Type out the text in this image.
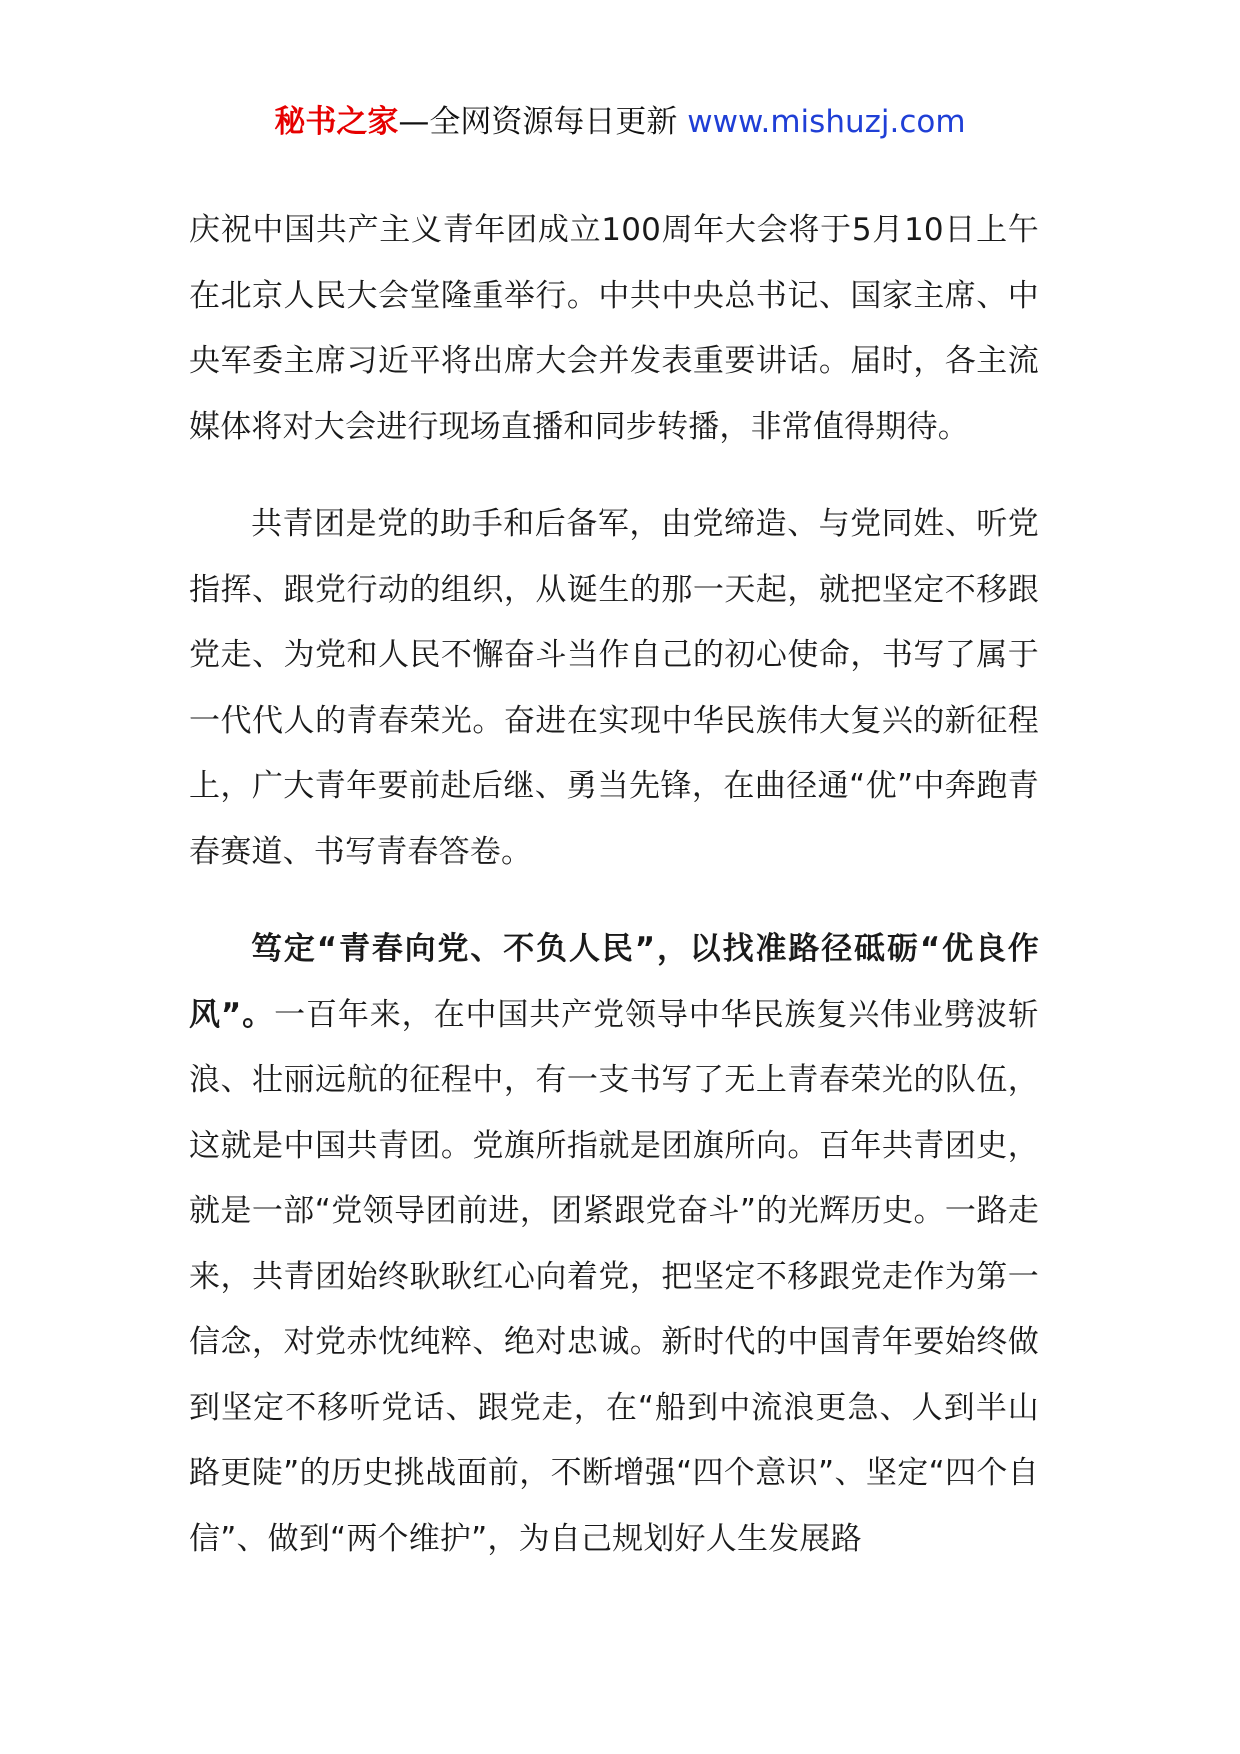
秘书之家—全网资源每日更新 www.mishuzj.com

庆祝中国共产主义青年团成立100周年大会将于5月10日上午在北京人民大会堂隆重举行。中共中央总书记、国家主席、中央军委主席习近平将出席大会并发表重要讲话。届时，各主流媒体将对大会进行现场直播和同步转播，非常值得期待。

共青团是党的助手和后备军，由党缔造、与党同姓、听党指挥、跟党行动的组织，从诞生的那一天起，就把坚定不移跟党走、为党和人民不懈奋斗当作自己的初心使命，书写了属于一代代人的青春荣光。奋进在实现中华民族伟大复兴的新征程上，广大青年要前赴后继、勇当先锋，在曲径通“优”中奔跑青春赛道、书写青春答卷。

笃定“青春向党、不负人民”，以找准路径砥砺“优良作风”。一百年来，在中国共产党领导中华民族复兴伟业劈波斩浪、壮丽远航的征程中，有一支书写了无上青春荣光的队伍，这就是中国共青团。党旗所指就是团旗所向。百年共青团史，就是一部“党领导团前进，团紧跟党奋斗”的光辉历史。一路走来，共青团始终耿耿红心向着党，把坚定不移跟党走作为第一信念，对党赤忱纯粹、绝对忠诚。新时代的中国青年要始终做到坚定不移听党话、跟党走，在“船到中流浪更急、人到半山路更陡”的历史挑战面前，不断增强“四个意识”、坚定“四个自信”、做到“两个维护”，为自己规划好人生发展路
